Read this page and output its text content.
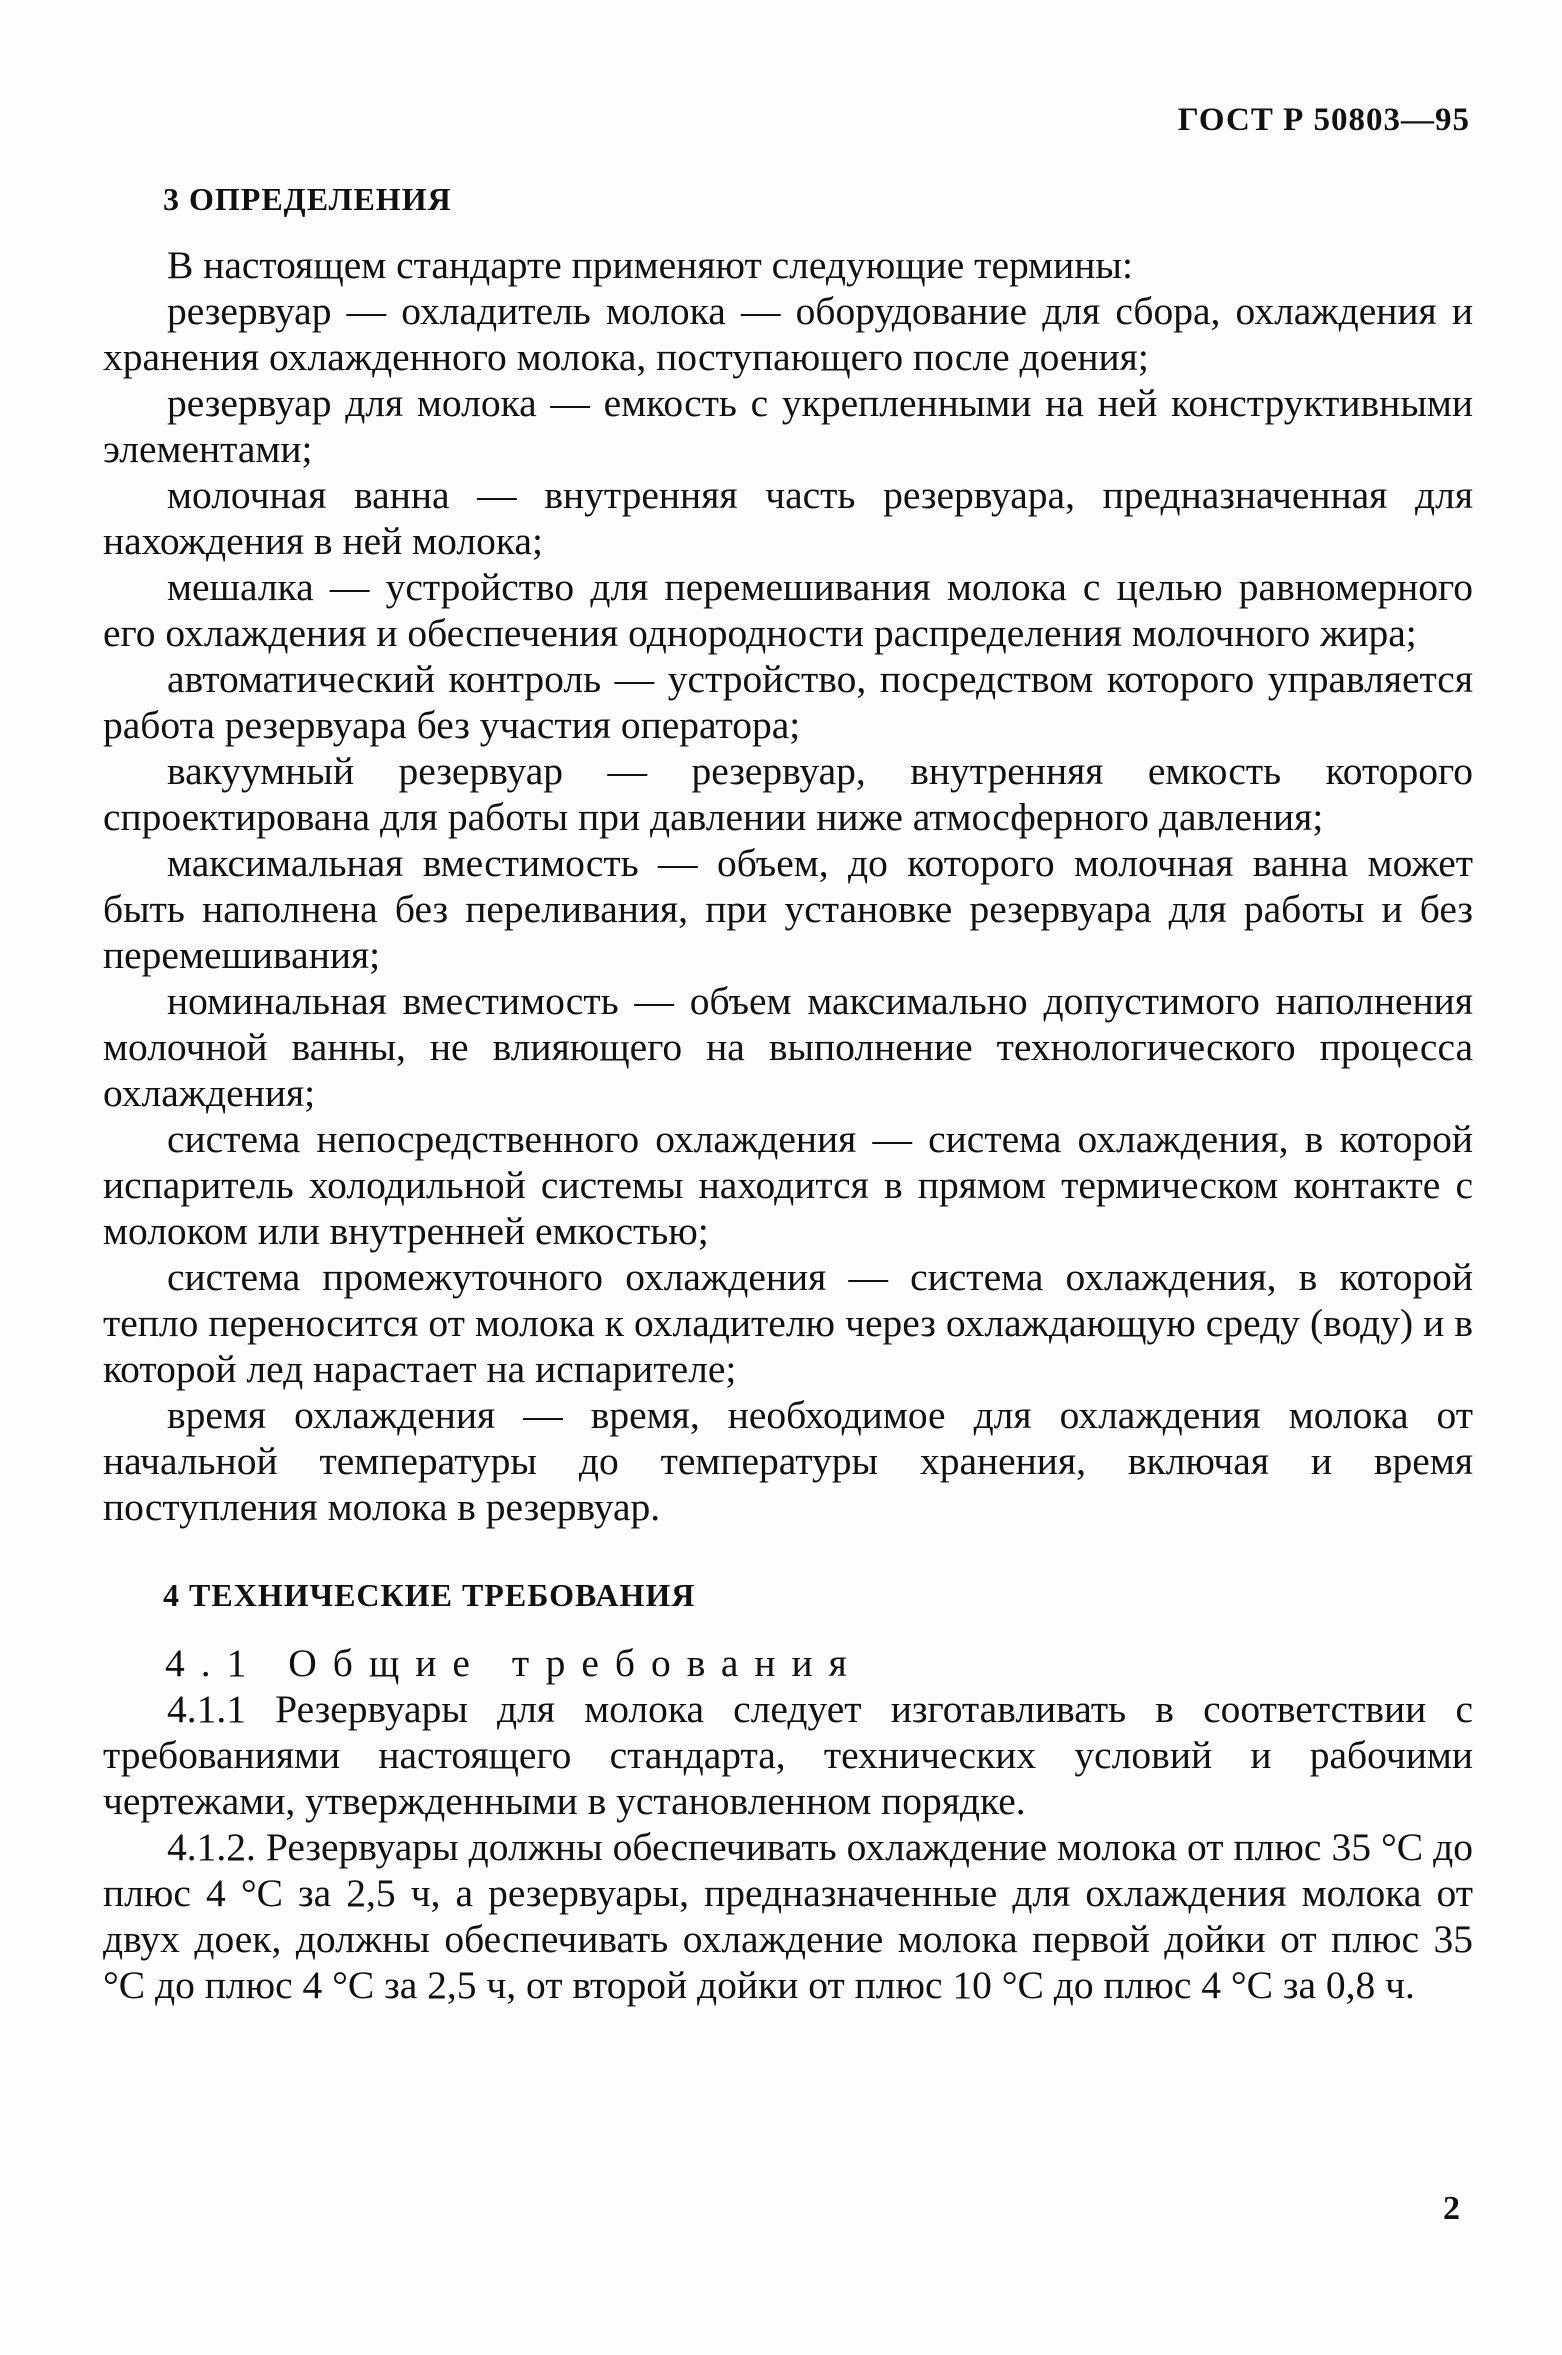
ГОСТ Р 50803—95
3 ОПРЕДЕЛЕНИЯ

В настоящем стандарте применяют следующие термины:

резервуар — охладитель молока — оборудование для сбора, охлаждения и хранения охлажденного молока, поступающего после доения;

резервуар для молока — емкость с укрепленными на ней конструктивными элементами;

молочная ванна — внутренняя часть резервуара, предназначенная для нахождения в ней молока;

мешалка — устройство для перемешивания молока с целью равномерного его охлаждения и обеспечения однородности распределения молочного жира;

автоматический контроль — устройство, посредством которого управляется работа резервуара без участия оператора;

вакуумный резервуар — резервуар, внутренняя емкость которого спроектирована для работы при давлении ниже атмосферного давления;

максимальная вместимость — объем, до которого молочная ванна может быть наполнена без переливания, при установке резервуара для работы и без перемешивания;

номинальная вместимость — объем максимально допустимого наполнения молочной ванны, не влияющего на выполнение технологического процесса охлаждения;

система непосредственного охлаждения — система охлаждения, в которой испаритель холодильной системы находится в прямом термическом контакте с молоком или внутренней емкостью;

система промежуточного охлаждения — система охлаждения, в которой тепло переносится от молока к охладителю через охлаждающую среду (воду) и в которой лед нарастает на испарителе;

время охлаждения — время, необходимое для охлаждения молока от начальной температуры до температуры хранения, включая и время поступления молока в резервуар.

4 ТЕХНИЧЕСКИЕ ТРЕБОВАНИЯ

4.1 Общие требования

4.1.1 Резервуары для молока следует изготавливать в соответствии с требованиями настоящего стандарта, технических условий и рабочими чертежами, утвержденными в установленном порядке.

4.1.2. Резервуары должны обеспечивать охлаждение молока от плюс 35 °С до плюс 4 °С за 2,5 ч, а резервуары, предназначенные для охлаждения молока от двух доек, должны обеспечивать охлаждение молока первой дойки от плюс 35 °С до плюс 4 °С за 2,5 ч, от второй дойки от плюс 10 °С до плюс 4 °С за 0,8 ч.

2
